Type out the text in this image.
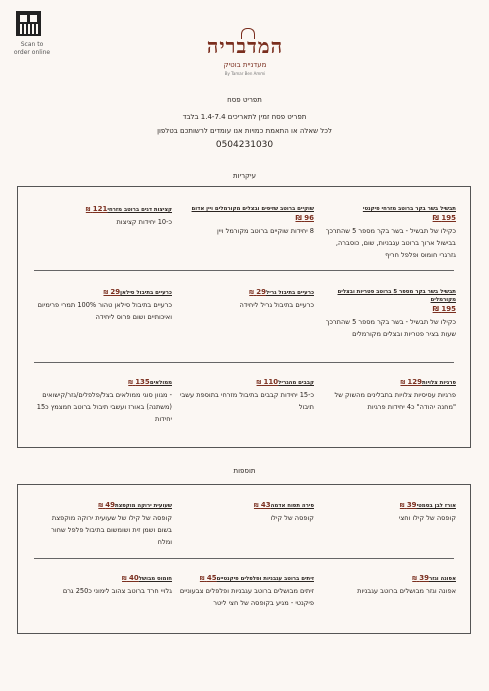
Scan to order online	המדבריה
מעדניית בוטיק
By Tamar Ben Ammi
תפריט פסח
תפריט פסח זמין לתאריכים 1.4-7.4 בלבד
לכל שאלה או התאמת כמויות אנו עומדים לרשותכם בטלפון
0504231030
עיקריות
תבשיל בשר בקר ברוטב מזרחי פיקנטי
195 ₪
כקילו של תבשיל - בשר בקר מספר 5 שהתרכך בבישול ארוך ברוטב עגבניות, שום, כוסברה, גזרגרי חומוס ופלפל חריף
שוקיים ברוטב שזיפים ובצלים מקורמלים ויין אדום
96 ₪
8 יחידות שוקיים ברוטב מקורמל ויין
קציצות דגים ברוטב מזרחי121 ₪
כ-10 יחידות קציצות
תבשיל בשר בקר מספר 5 ברוטב פטריות ובצלים מקורמלים
195 ₪
כקילו של תבשיל - בשר בקר מספר 5 שהתרכך שעות בציר פטריות ובצלים מקורמלים
כרעיים בתיבול גריל29 ₪
כרעיים בתיבול גריל ליחידה
כרעיים בתיבול סילאן29 ₪
כרעיים בתיבול סילאן טהור 100% תמרי פרימיום ואיכותיים ושום פרוס ליחידה
פרגיות צלויות129 ₪
פרגיות עסיסיות צלויות בתבלינים מהשוק של "מחנה יהודה" כ4 יחידות פרגיות
קבבים מהגריל110 ₪
כ-15 יחידות קבבים בתיבול מזרחי בתוספת עשבי תיבול
ממולאים135 ₪
- מגוון סוגי ממולאים בצל/פלפלים/גזר/קישואים (משתנה) באורז ועשבי תיבול ברוטב חמצמץ כ15 יחידות
תוספות
אורז לבן בסמטי39 ₪
קופסה של קילו וחצי
פירה תפוח אדמה43 ₪
קופסה של קילו
שעועית ירוקה מוקפצת49 ₪
קופסה של קילו של שעועית ירוקה מוקפצת בשום ושמן זית ושומשום בתיבול פלפל שחור ומלח
אפונה וגזר39 ₪
אפונה וגזר מבושלים ברוטב עגבניות
זיתים ברוטב עגבניות ופלפלים פיקנטיים45 ₪
זיתים מבושלים ברוטב עגבניות ופלפלים צבעוניים פיקנטי - מגיע בקופסה של חצי ליטר
חומוס מבושל40 ₪
גלויי חרד ברוטב צהוב לימוני כ250 גרם
